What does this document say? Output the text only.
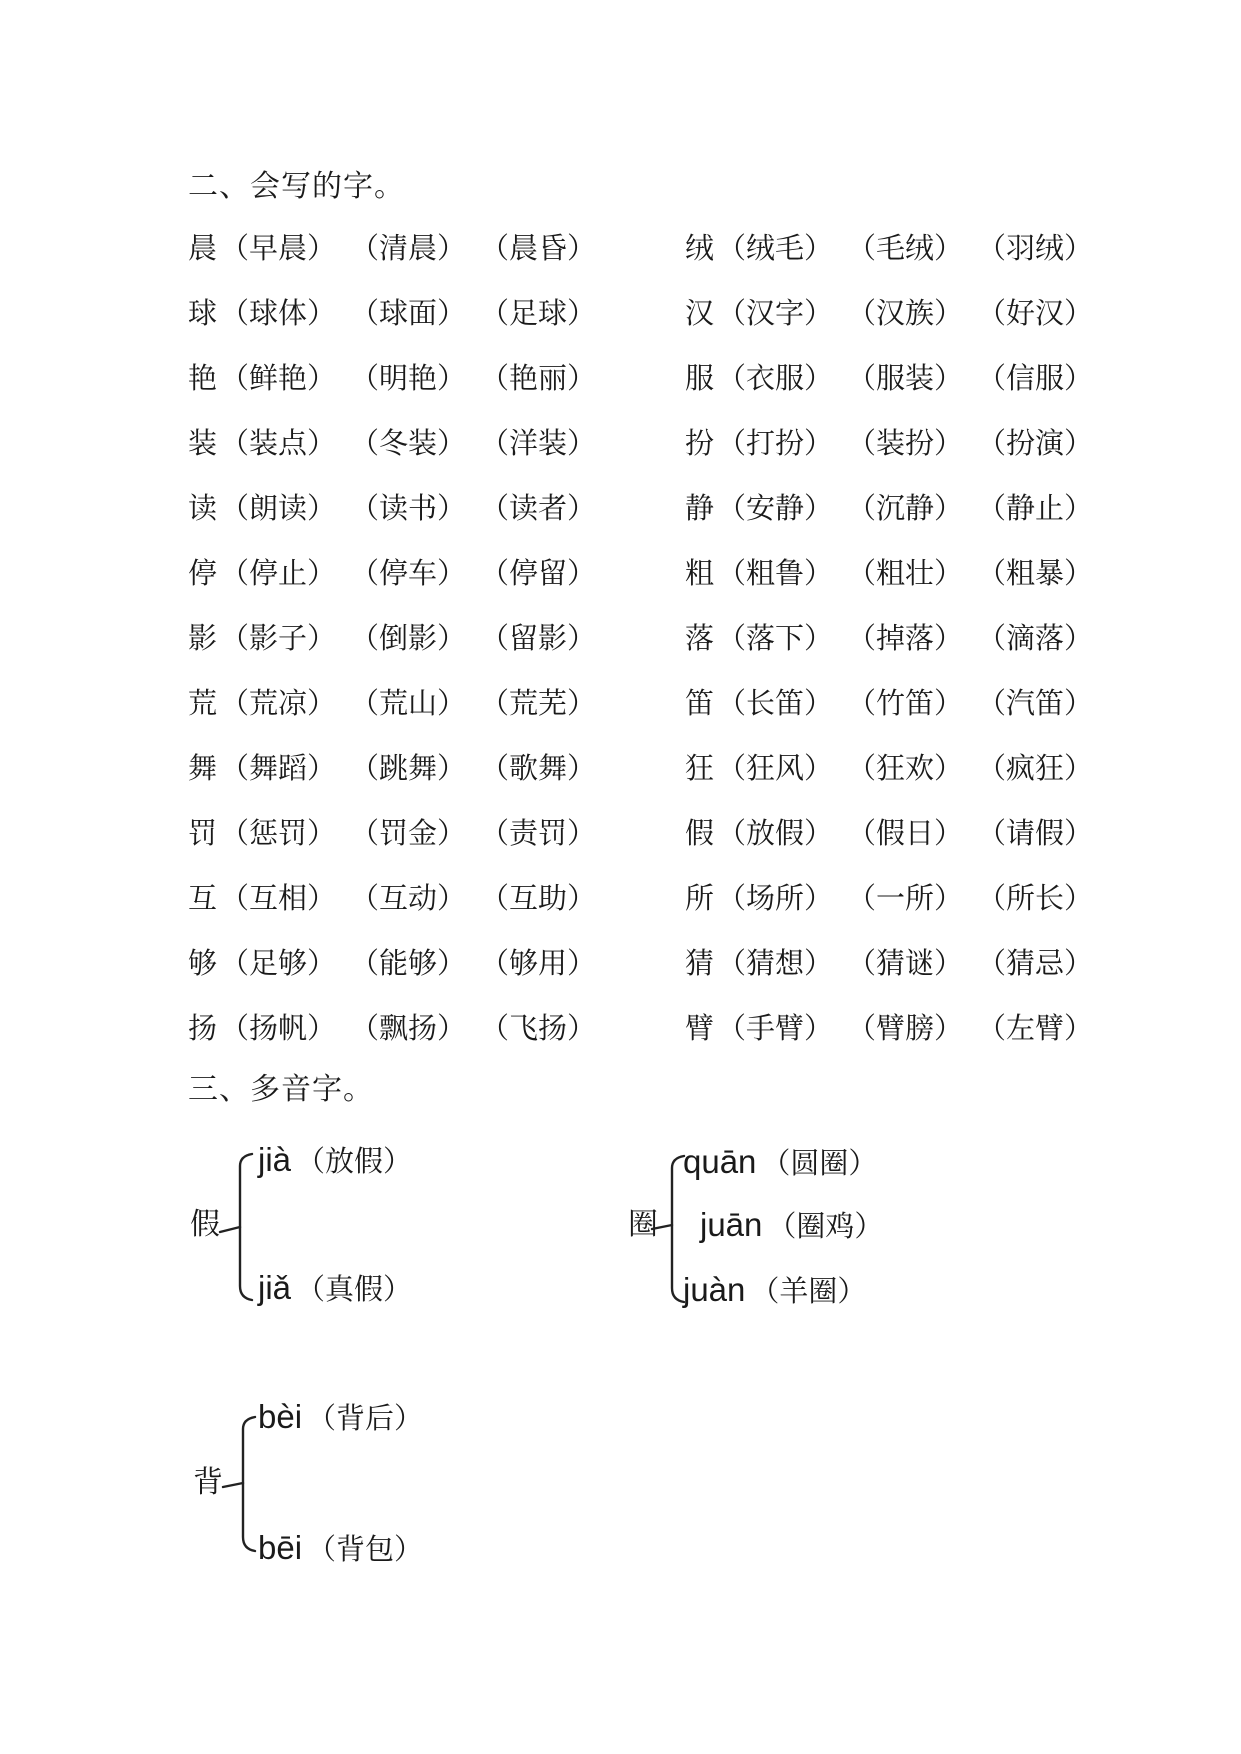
二、会写的字。
晨 （早晨） （清晨） （晨昏）	绒 （绒毛） （毛绒） （羽绒）
球 （球体） （球面） （足球）	汉 （汉字） （汉族） （好汉）
艳 （鲜艳） （明艳） （艳丽）	服 （衣服） （服装） （信服）
装 （装点） （冬装） （洋装）	扮 （打扮） （装扮） （扮演）
读 （朗读） （读书） （读者）	静 （安静） （沉静） （静止）
停 （停止） （停车） （停留）	粗 （粗鲁） （粗壮） （粗暴）
影 （影子） （倒影） （留影）	落 （落下） （掉落） （滴落）
荒 （荒凉） （荒山） （荒芜）	笛 （长笛） （竹笛） （汽笛）
舞 （舞蹈） （跳舞） （歌舞）	狂 （狂风） （狂欢） （疯狂）
罚 （惩罚） （罚金） （责罚）	假 （放假） （假日） （请假）
互 （互相） （互动） （互助）	所 （场所） （一所） （所长）
够 （足够） （能够） （够用）	猜 （猜想） （猜谜） （猜忌）
扬 （扬帆） （飘扬） （飞扬）	臂 （手臂） （臂膀） （左臂）
三、多音字。
假
jià （放假）
jiǎ （真假）
圈
quān （圆圈）
juān （圈鸡）
juàn （羊圈）
背
bèi （背后）
bēi （背包）
